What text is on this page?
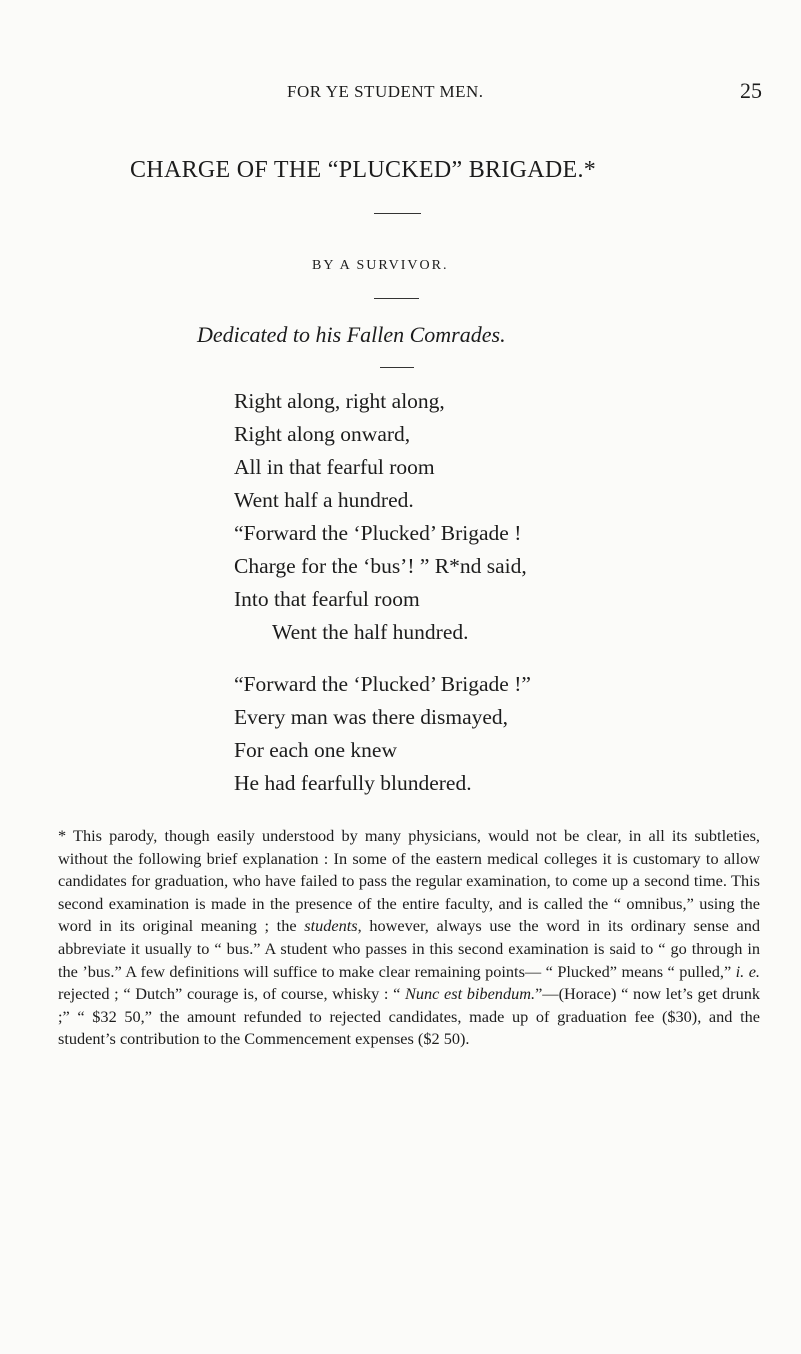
FOR YE STUDENT MEN.	25
CHARGE OF THE “PLUCKED” BRIGADE.*
BY A SURVIVOR.
Dedicated to his Fallen Comrades.
Right along, right along,
Right along onward,
All in that fearful room
Went half a hundred.
“Forward the ‘Plucked’ Brigade !
Charge for the ‘bus’! ” R*nd said,
Into that fearful room
Went the half hundred.
“Forward the ‘Plucked’ Brigade !”
Every man was there dismayed,
For each one knew
He had fearfully blundered.
* This parody, though easily understood by many physicians, would not be clear, in all its subtleties, without the following brief explanation : In some of the eastern medical colleges it is customary to allow candidates for graduation, who have failed to pass the regular examination, to come up a second time. This second examination is made in the presence of the entire faculty, and is called the “ omnibus,” using the word in its original meaning ; the students, however, always use the word in its ordinary sense and abbreviate it usually to “ bus.” A student who passes in this second examination is said to “ go through in the ’bus.” A few definitions will suffice to make clear remaining points— “ Plucked” means “ pulled,” i. e. rejected ; “ Dutch” courage is, of course, whisky : “ Nunc est bibendum.”—(Horace) “ now let’s get drunk ;” “ $32 50,” the amount refunded to rejected candidates, made up of graduation fee ($30), and the student’s contribution to the Commencement expenses ($2 50).
